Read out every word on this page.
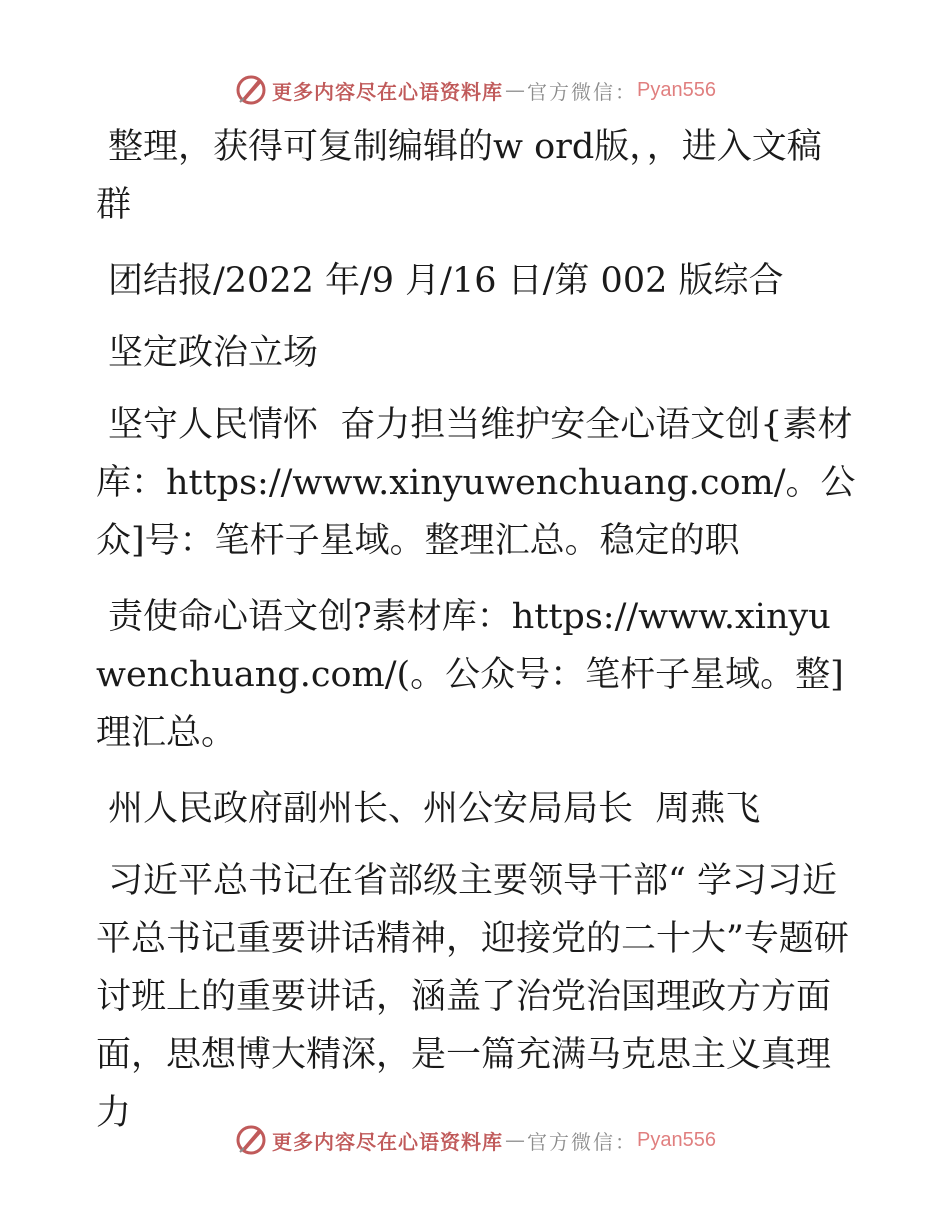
更多内容尽在心语资料库 — 官方微信： Pyan556

整理，获得可复制编辑的w ord版，，进入文稿群

团结报/2022 年/9 月/16 日/第 002 版综合

坚定政治立场

坚守人民情怀  奋力担当维护安全心语文创{素材库：https://www.xinyuwenchuang.com/。公众]号：笔杆子星域。整理汇总。稳定的职

责使命心语文创?素材库：https://www.xinyuwenchuang.com/(。公众号：笔杆子星域。整]理汇总。

州人民政府副州长、州公安局局长  周燕飞

习近平总书记在省部级主要领导干部“ 学习习近平总书记重要讲话精神，迎接党的二十大”专题研讨班上的重要讲话，涵盖了治党治国理政方方面面，思想博大精深，是一篇充满马克思主义真理力

更多内容尽在心语资料库 — 官方微信： Pyan556
